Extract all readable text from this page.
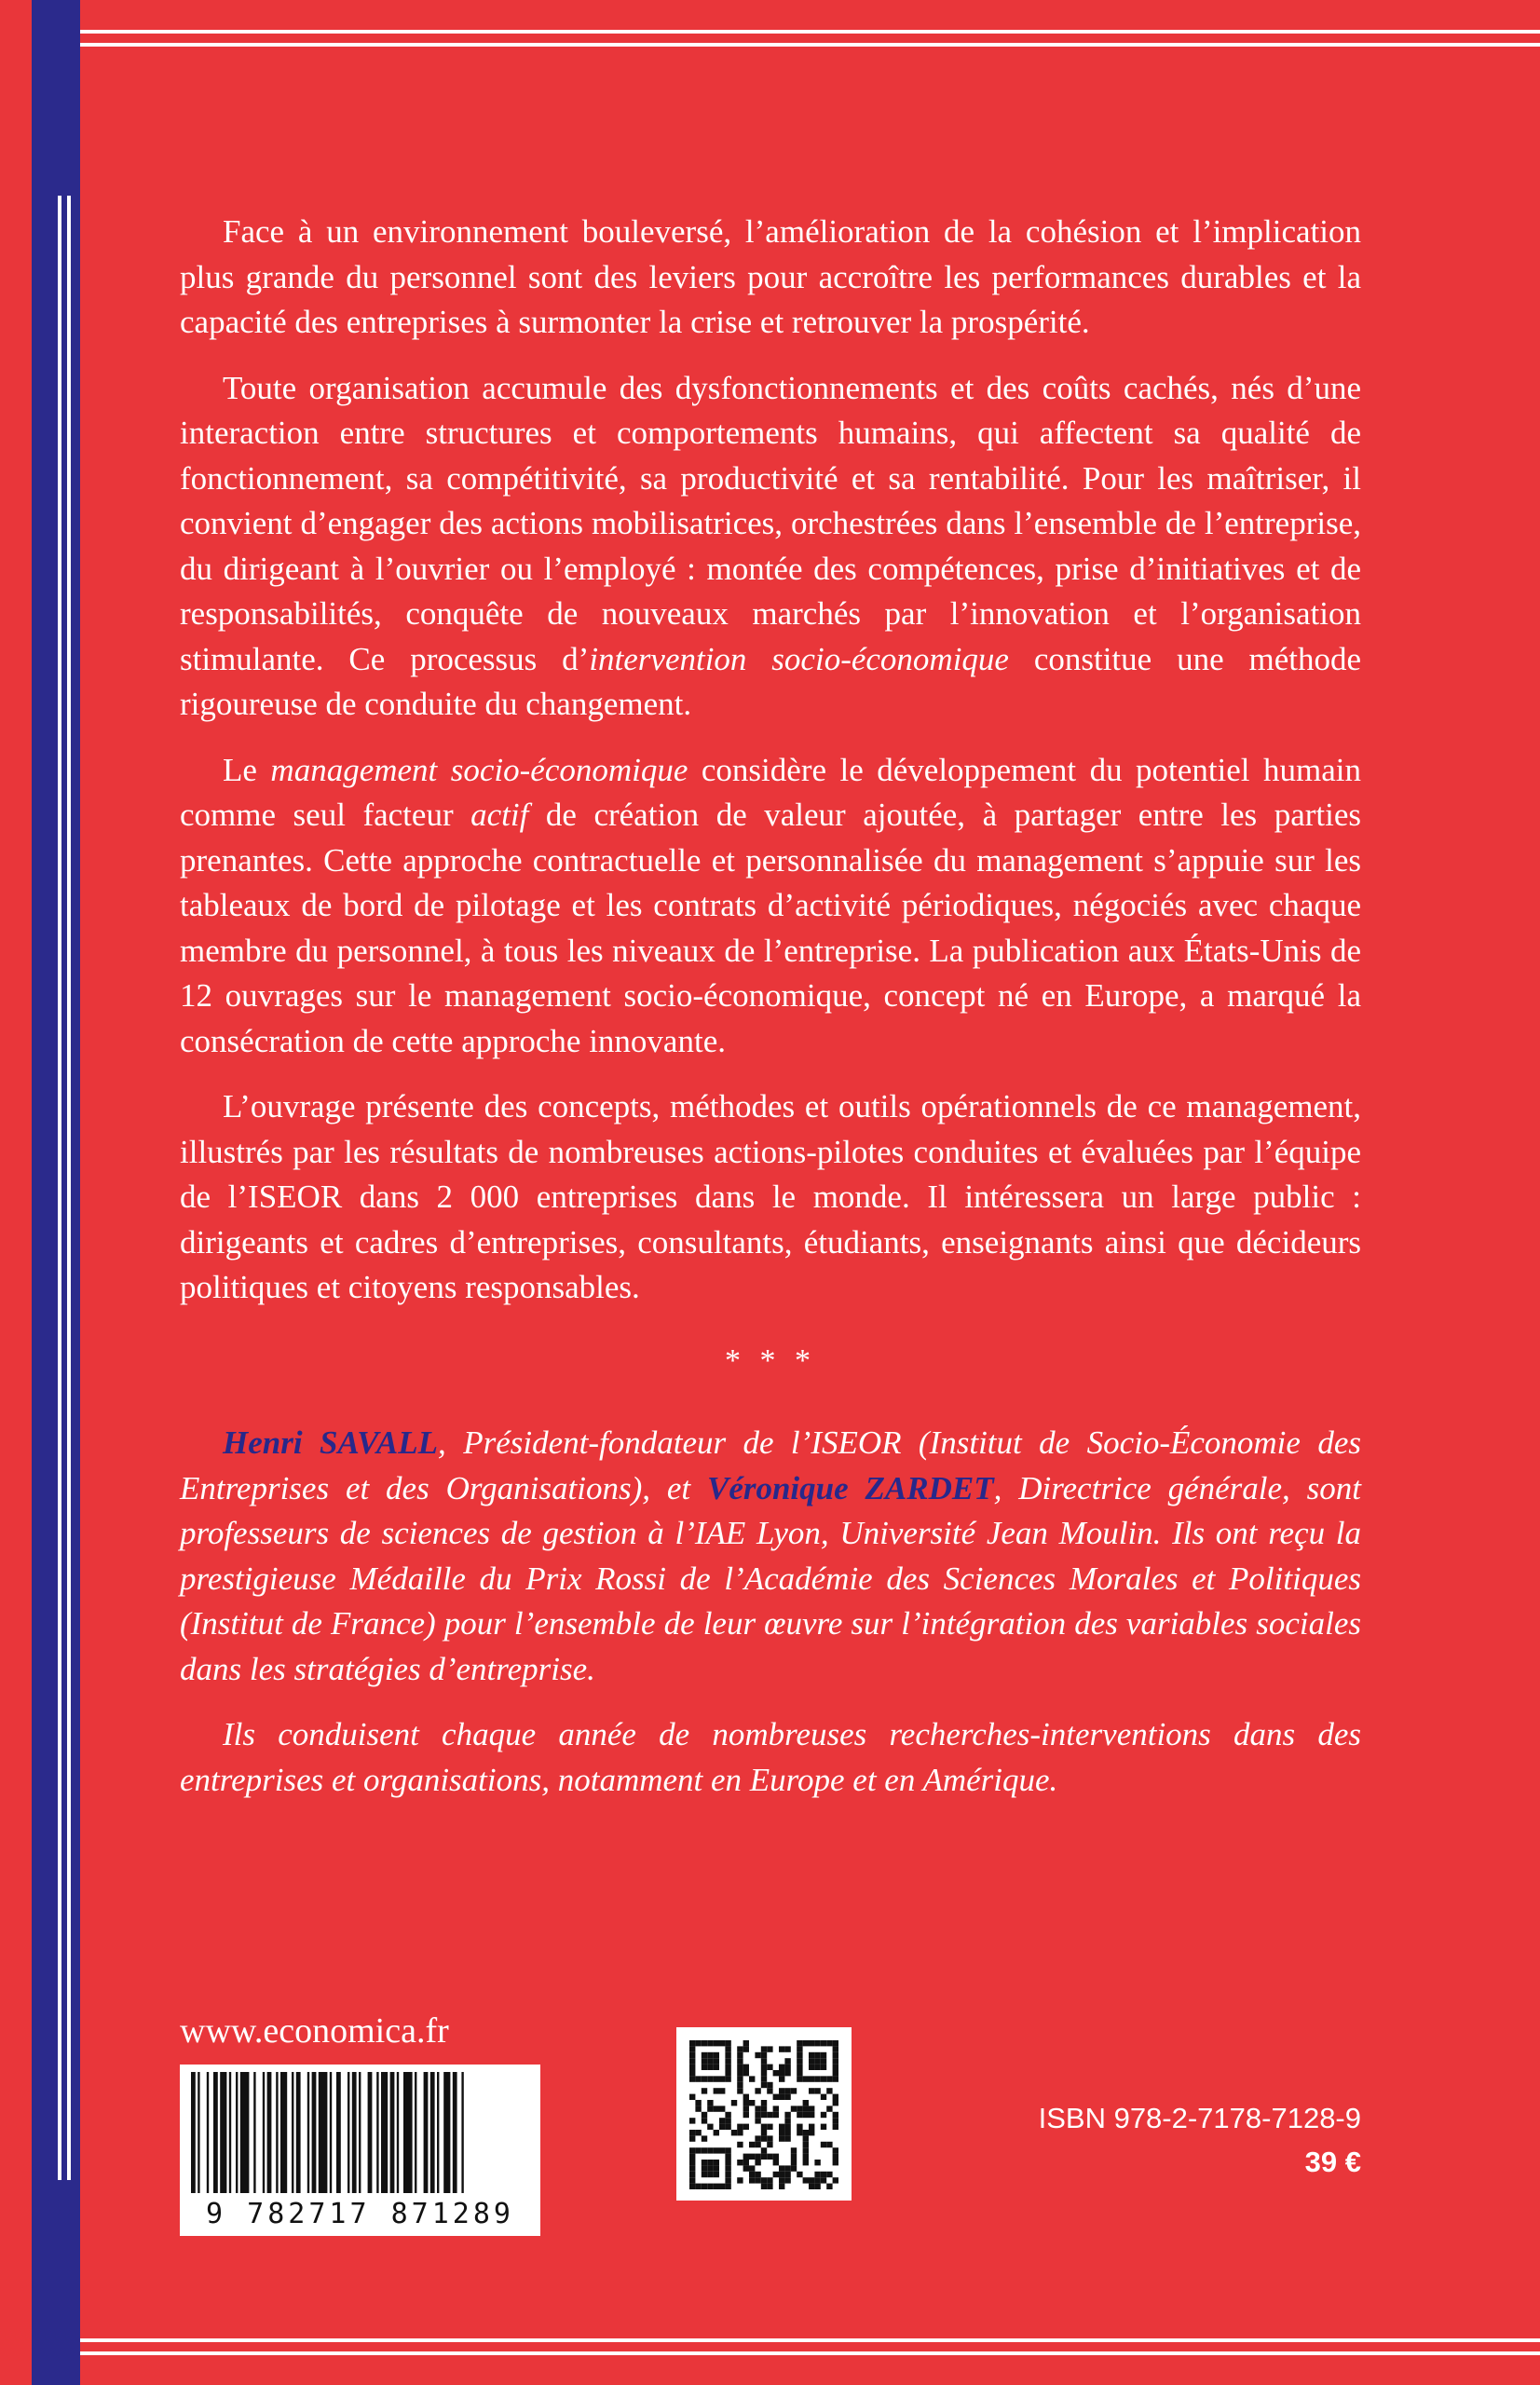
Face à un environnement bouleversé, l’amélioration de la cohésion et l’implication plus grande du personnel sont des leviers pour accroître les performances durables et la capacité des entreprises à surmonter la crise et retrouver la prospérité.

Toute organisation accumule des dysfonctionnements et des coûts cachés, nés d’une interaction entre structures et comportements humains, qui affectent sa qualité de fonctionnement, sa compétitivité, sa productivité et sa rentabilité. Pour les maîtriser, il convient d’engager des actions mobilisatrices, orchestrées dans l’ensemble de l’entreprise, du dirigeant à l’ouvrier ou l’employé : montée des compétences, prise d’initiatives et de responsabilités, conquête de nouveaux marchés par l’innovation et l’organisation stimulante. Ce processus d’intervention socio-économique constitue une méthode rigoureuse de conduite du changement.

Le management socio-économique considère le développement du potentiel humain comme seul facteur actif de création de valeur ajoutée, à partager entre les parties prenantes. Cette approche contractuelle et personnalisée du management s’appuie sur les tableaux de bord de pilotage et les contrats d’activité périodiques, négociés avec chaque membre du personnel, à tous les niveaux de l’entreprise. La publication aux États-Unis de 12 ouvrages sur le management socio-économique, concept né en Europe, a marqué la consécration de cette approche innovante.

L’ouvrage présente des concepts, méthodes et outils opérationnels de ce management, illustrés par les résultats de nombreuses actions-pilotes conduites et évaluées par l’équipe de l’ISEOR dans 2 000 entreprises dans le monde. Il intéressera un large public : dirigeants et cadres d’entreprises, consultants, étudiants, enseignants ainsi que décideurs politiques et citoyens responsables.

* * *

Henri SAVALL, Président-fondateur de l’ISEOR (Institut de Socio-Économie des Entreprises et des Organisations), et Véronique ZARDET, Directrice générale, sont professeurs de sciences de gestion à l’IAE Lyon, Université Jean Moulin. Ils ont reçu la prestigieuse Médaille du Prix Rossi de l’Académie des Sciences Morales et Politiques (Institut de France) pour l’ensemble de leur œuvre sur l’intégration des variables sociales dans les stratégies d’entreprise.

Ils conduisent chaque année de nombreuses recherches-interventions dans des entreprises et organisations, notamment en Europe et en Amérique.

www.economica.fr
9 782717 871289
ISBN 978-2-7178-7128-9
39 €
